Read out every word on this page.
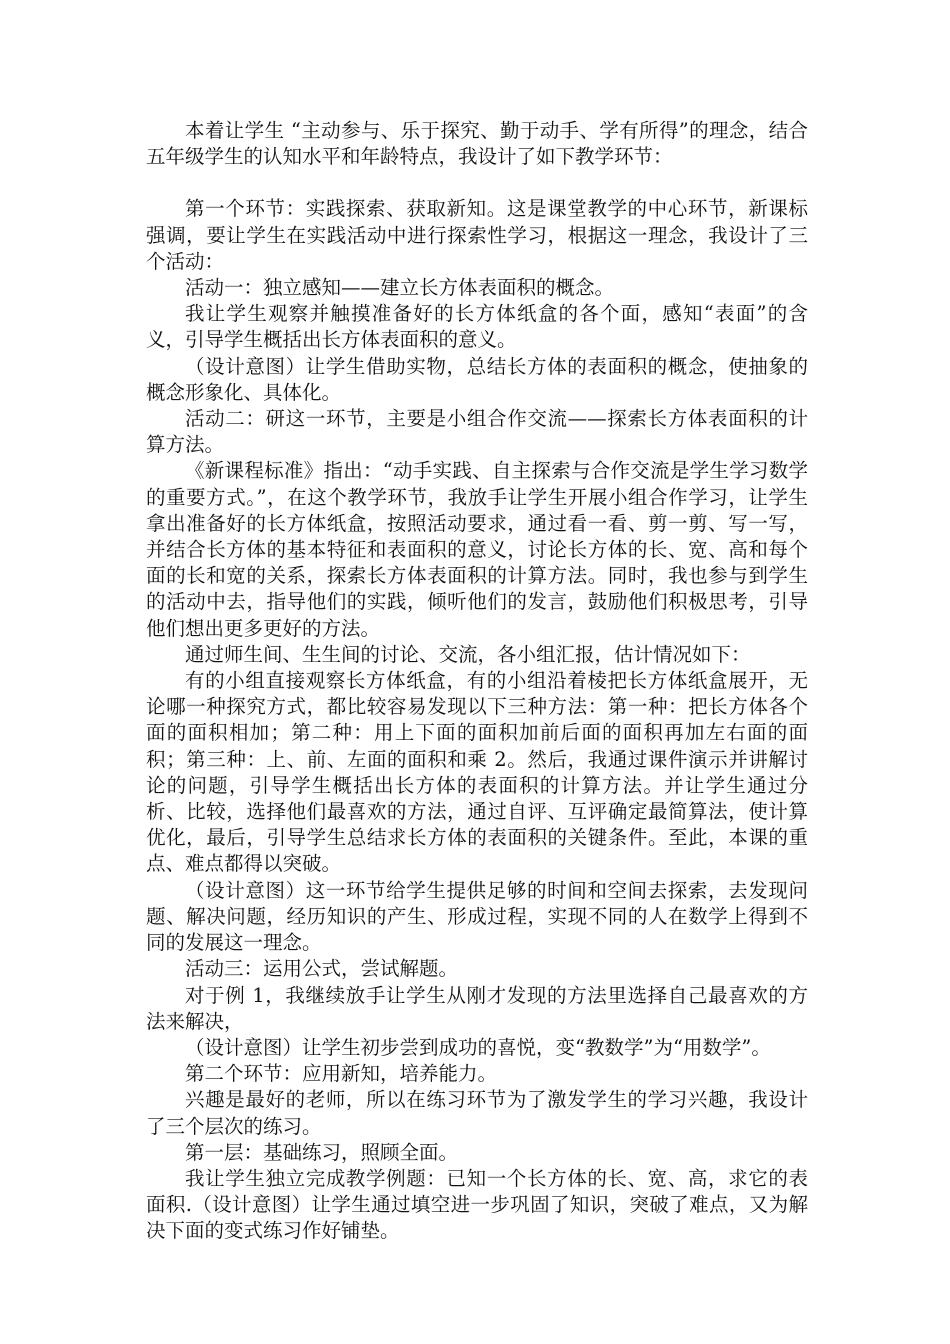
本着让学生 “主动参与、乐于探究、勤于动手、学有所得”的理念，结合五年级学生的认知水平和年龄特点，我设计了如下教学环节：

第一个环节：实践探索、获取新知。这是课堂教学的中心环节，新课标强调，要让学生在实践活动中进行探索性学习，根据这一理念，我设计了三个活动：

活动一：独立感知——建立长方体表面积的概念。

我让学生观察并触摸准备好的长方体纸盒的各个面，感知“表面”的含义，引导学生概括出长方体表面积的意义。

（设计意图）让学生借助实物，总结长方体的表面积的概念，使抽象的概念形象化、具体化。

活动二：研这一环节，主要是小组合作交流——探索长方体表面积的计算方法。

《新课程标准》指出：“动手实践、自主探索与合作交流是学生学习数学的重要方式。”，在这个教学环节，我放手让学生开展小组合作学习，让学生拿出准备好的长方体纸盒，按照活动要求，通过看一看、剪一剪、写一写，并结合长方体的基本特征和表面积的意义，讨论长方体的长、宽、高和每个面的长和宽的关系，探索长方体表面积的计算方法。同时，我也参与到学生的活动中去，指导他们的实践，倾听他们的发言，鼓励他们积极思考，引导他们想出更多更好的方法。

通过师生间、生生间的讨论、交流，各小组汇报，估计情况如下：

有的小组直接观察长方体纸盒，有的小组沿着棱把长方体纸盒展开，无论哪一种探究方式，都比较容易发现以下三种方法：第一种：把长方体各个面的面积相加；第二种：用上下面的面积加前后面的面积再加左右面的面积；第三种：上、前、左面的面积和乘 2。然后，我通过课件演示并讲解讨论的问题，引导学生概括出长方体的表面积的计算方法。并让学生通过分析、比较，选择他们最喜欢的方法，通过自评、互评确定最简算法，使计算优化，最后，引导学生总结求长方体的表面积的关键条件。至此，本课的重点、难点都得以突破。

（设计意图）这一环节给学生提供足够的时间和空间去探索，去发现问题、解决问题，经历知识的产生、形成过程，实现不同的人在数学上得到不同的发展这一理念。

活动三：运用公式，尝试解题。

对于例 1，我继续放手让学生从刚才发现的方法里选择自己最喜欢的方法来解决，

（设计意图）让学生初步尝到成功的喜悦，变“教数学”为“用数学”。

第二个环节：应用新知，培养能力。

兴趣是最好的老师，所以在练习环节为了激发学生的学习兴趣，我设计了三个层次的练习。

第一层：基础练习，照顾全面。

我让学生独立完成教学例题：已知一个长方体的长、宽、高，求它的表面积.（设计意图）让学生通过填空进一步巩固了知识，突破了难点，又为解决下面的变式练习作好铺垫。
